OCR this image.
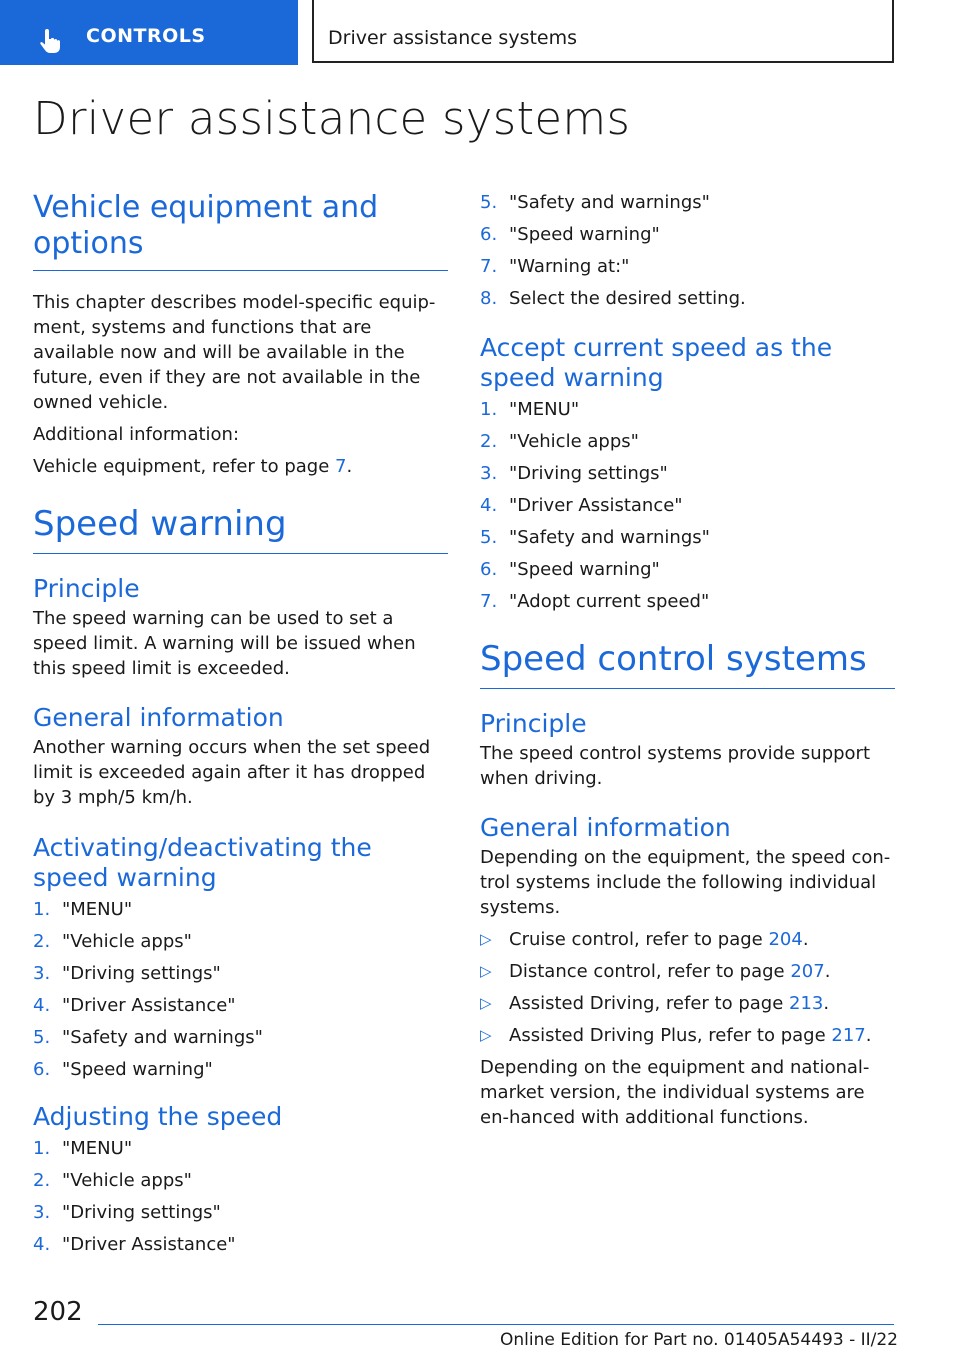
CONTROLS	Driver assistance systems
Driver assistance systems
Vehicle equipment and options

This chapter describes model-specific equip-ment, systems and functions that are available now and will be available in the future, even if they are not available in the owned vehicle.

Additional information:

Vehicle equipment, refer to page 7.

Speed warning
Principle

The speed warning can be used to set a speed limit. A warning will be issued when this speed limit is exceeded.

General information

Another warning occurs when the set speed limit is exceeded again after it has dropped by 3 mph/5 km/h.

Activating/deactivating the speed warning
1. "MENU"
2. "Vehicle apps"
3. "Driving settings"
4. "Driver Assistance"
5. "Safety and warnings"
6. "Speed warning"
Adjusting the speed
1. "MENU"
2. "Vehicle apps"
3. "Driving settings"
4. "Driver Assistance"
5. "Safety and warnings"
6. "Speed warning"
7. "Warning at:"
8. Select the desired setting.
Accept current speed as the speed warning
1. "MENU"
2. "Vehicle apps"
3. "Driving settings"
4. "Driver Assistance"
5. "Safety and warnings"
6. "Speed warning"
7. "Adopt current speed"
Speed control systems
Principle

The speed control systems provide support when driving.

General information

Depending on the equipment, the speed con-trol systems include the following individual systems.

▷ Cruise control, refer to page 204.
▷ Distance control, refer to page 207.
▷ Assisted Driving, refer to page 213.
▷ Assisted Driving Plus, refer to page 217.

Depending on the equipment and national-market version, the individual systems are en-hanced with additional functions.

202
Online Edition for Part no. 01405A54493 - II/22
